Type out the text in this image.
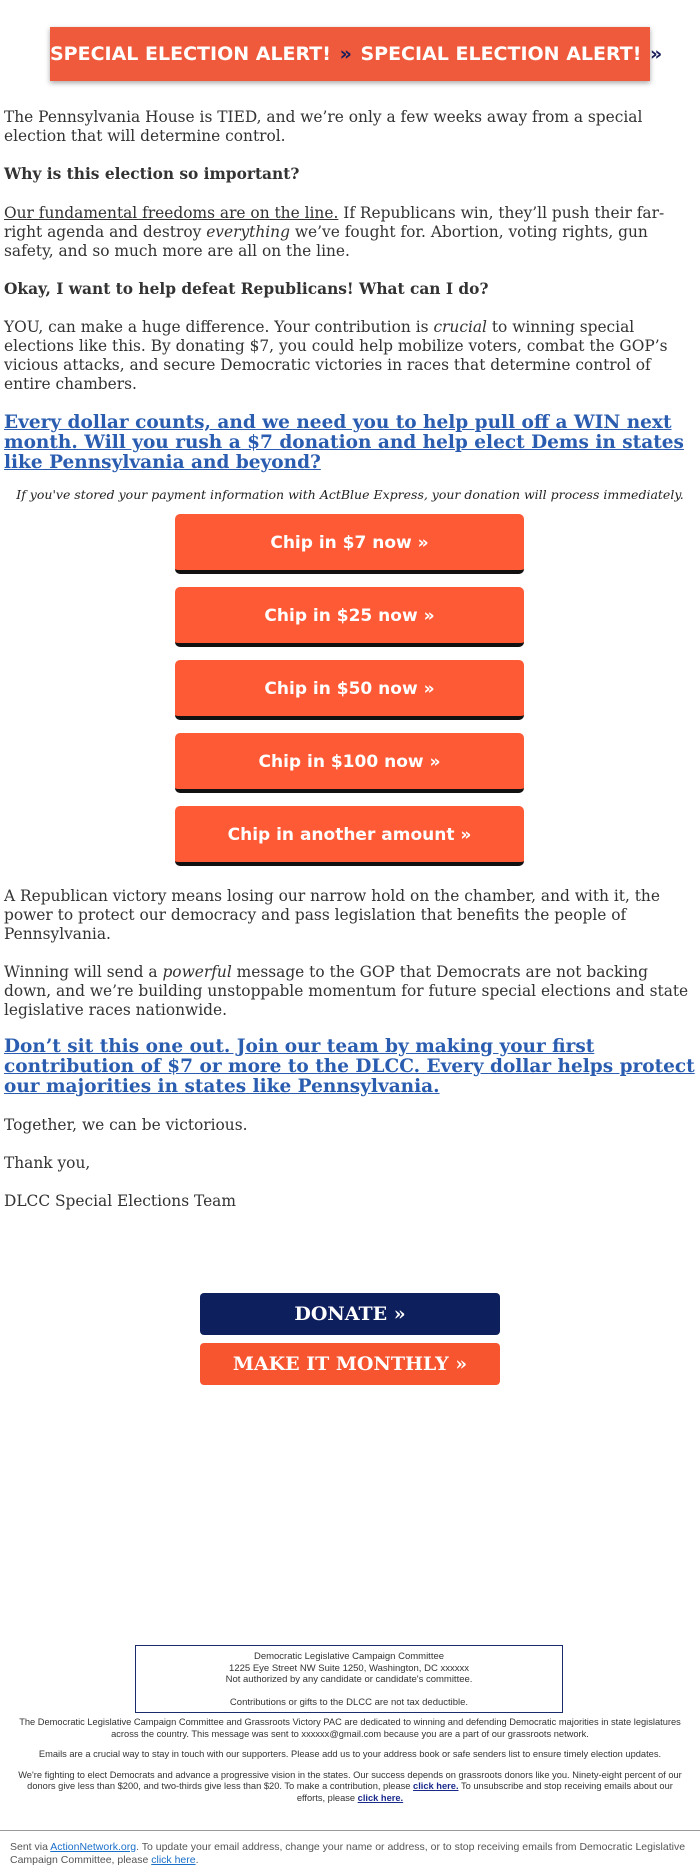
SPECIAL ELECTION ALERT! » SPECIAL ELECTION ALERT! »

The Pennsylvania House is TIED, and we’re only a few weeks away from a special election that will determine control.

Why is this election so important?

Our fundamental freedoms are on the line. If Republicans win, they’ll push their far-right agenda and destroy everything we’ve fought for. Abortion, voting rights, gun safety, and so much more are all on the line.

Okay, I want to help defeat Republicans! What can I do?

YOU, can make a huge difference. Your contribution is crucial to winning special elections like this. By donating $7, you could help mobilize voters, combat the GOP’s vicious attacks, and secure Democratic victories in races that determine control of entire chambers.

Every dollar counts, and we need you to help pull off a WIN next month. Will you rush a $7 donation and help elect Dems in states like Pennsylvania and beyond?

If you've stored your payment information with ActBlue Express, your donation will process immediately.

Chip in $7 now »
Chip in $25 now »
Chip in $50 now »
Chip in $100 now »
Chip in another amount »

A Republican victory means losing our narrow hold on the chamber, and with it, the power to protect our democracy and pass legislation that benefits the people of Pennsylvania.

Winning will send a powerful message to the GOP that Democrats are not backing down, and we’re building unstoppable momentum for future special elections and state legislative races nationwide.

Don’t sit this one out. Join our team by making your first contribution of $7 or more to the DLCC. Every dollar helps protect our majorities in states like Pennsylvania.

Together, we can be victorious.

Thank you,

DLCC Special Elections Team

DONATE »
MAKE IT MONTHLY »
Democratic Legislative Campaign Committee
1225 Eye Street NW Suite 1250, Washington, DC xxxxxx
Not authorized by any candidate or candidate's committee.
Contributions or gifts to the DLCC are not tax deductible.

The Democratic Legislative Campaign Committee and Grassroots Victory PAC are dedicated to winning and defending Democratic majorities in state legislatures across the country. This message was sent to xxxxxx@gmail.com because you are a part of our grassroots network.

Emails are a crucial way to stay in touch with our supporters. Please add us to your address book or safe senders list to ensure timely election updates.

We're fighting to elect Democrats and advance a progressive vision in the states. Our success depends on grassroots donors like you. Ninety-eight percent of our donors give less than $200, and two-thirds give less than $20. To make a contribution, please click here. To unsubscribe and stop receiving emails about our efforts, please click here.

Sent via ActionNetwork.org. To update your email address, change your name or address, or to stop receiving emails from Democratic Legislative Campaign Committee, please click here.
